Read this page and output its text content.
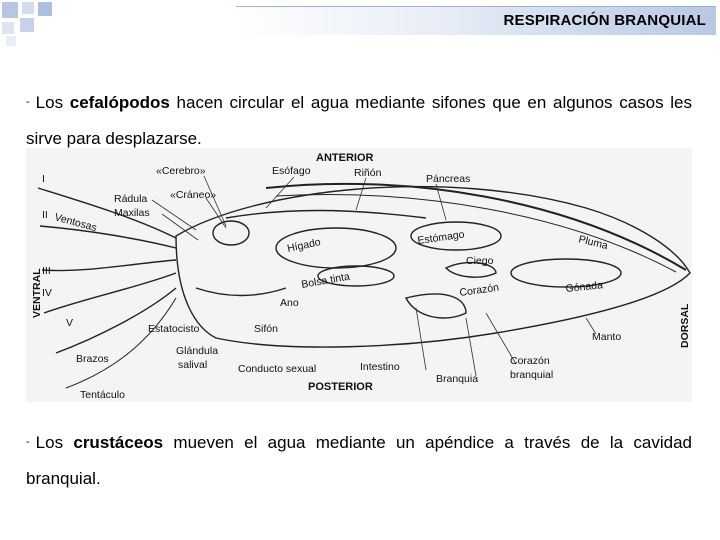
RESPIRACIÓN BRANQUIAL
- Los cefalópodos hacen circular el agua mediante sifones que en algunos casos les sirve para desplazarse.
ANTERIOR
POSTERIOR
VENTRAL
DORSAL
Esófago	Riñón	Páncreas
«Cerebro»
«Cráneo»
Rádula
Maxilas
Ventosas
Hígado	Estómago	Pluma
Ciego
Bolsa tinta
Ano
Corazón	Gónada
Estatocisto	Sifón
Manto
Glándula
salival
Brazos
Tentáculo
Conducto sexual	Intestino
Branquia
Corazón
branquial
I
II
III
IV
V
- Los crustáceos mueven el agua mediante un apéndice a través de la cavidad branquial.
